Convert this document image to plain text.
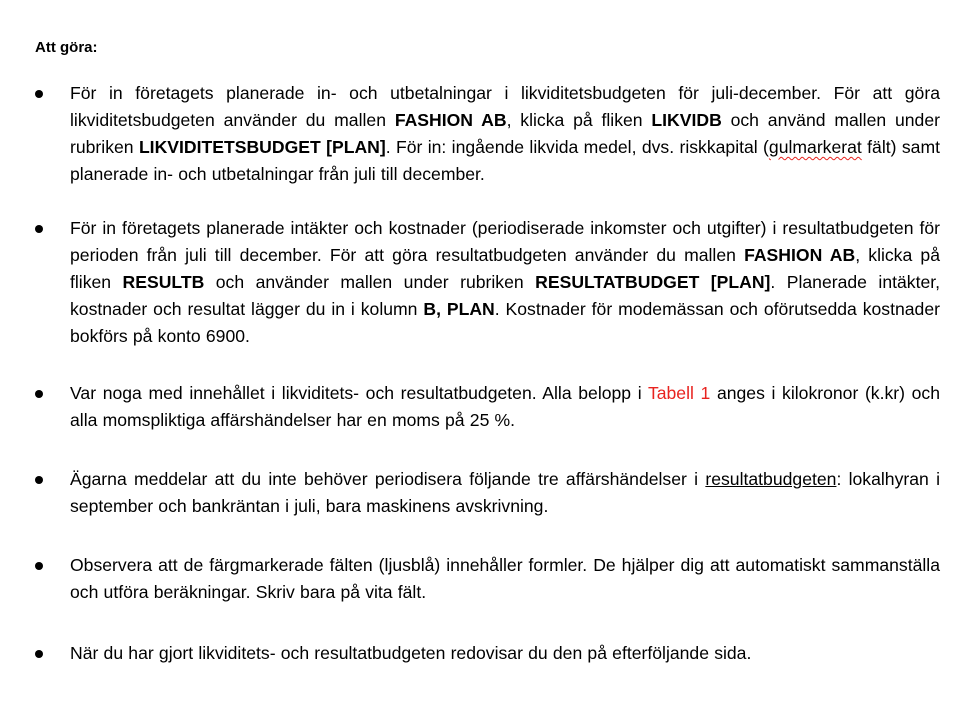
Att göra:
För in företagets planerade in- och utbetalningar i likviditetsbudgeten för juli-december. För att göra likviditetsbudgeten använder du mallen FASHION AB, klicka på fliken LIKVIDB och använd mallen under rubriken LIKVIDITETSBUDGET [PLAN]. För in: ingående likvida medel, dvs. riskkapital (gulmarkerat fält) samt planerade in- och utbetalningar från juli till december.
För in företagets planerade intäkter och kostnader (periodiserade inkomster och utgifter) i resultatbudgeten för perioden från juli till december. För att göra resultatbudgeten använder du mallen FASHION AB, klicka på fliken RESULTB och använder mallen under rubriken RESULTATBUDGET [PLAN]. Planerade intäkter, kostnader och resultat lägger du in i kolumn B, PLAN. Kostnader för modemässan och oförutsedda kostnader bokförs på konto 6900.
Var noga med innehållet i likviditets- och resultatbudgeten. Alla belopp i Tabell 1 anges i kilokronor (k.kr) och alla momspliktiga affärshändelser har en moms på 25 %.
Ägarna meddelar att du inte behöver periodisera följande tre affärshändelser i resultatbudgeten: lokalhyran i september och bankräntan i juli, bara maskinens avskrivning.
Observera att de färgmarkerade fälten (ljusblå) innehåller formler. De hjälper dig att automatiskt sammanställa och utföra beräkningar. Skriv bara på vita fält.
När du har gjort likviditets- och resultatbudgeten redovisar du den på efterföljande sida.
